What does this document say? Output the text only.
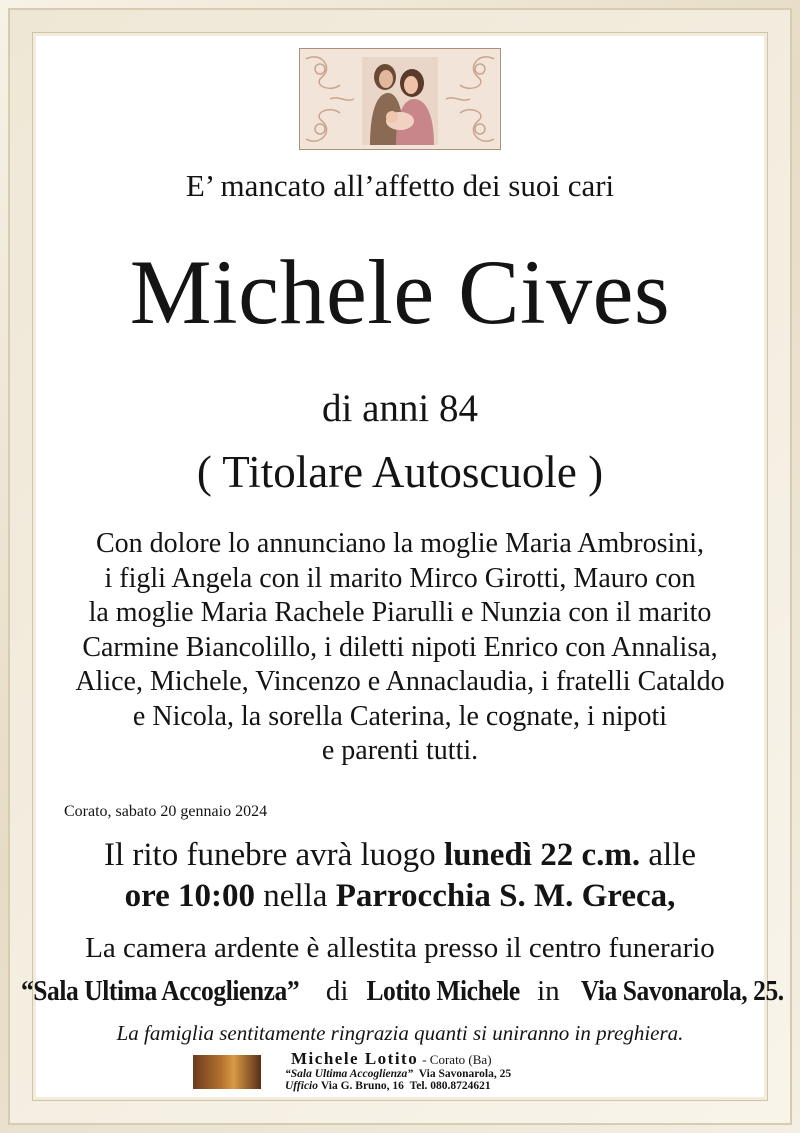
E’ mancato all’affetto dei suoi cari
Michele Cives
di anni 84
( Titolare Autoscuole )
Con dolore lo annunciano la moglie Maria Ambrosini,
i figli Angela con il marito Mirco Girotti, Mauro con
la moglie Maria Rachele Piarulli e Nunzia con il marito
Carmine Biancolillo, i diletti nipoti Enrico con Annalisa,
Alice, Michele, Vincenzo e Annaclaudia, i fratelli Cataldo
e Nicola, la sorella Caterina, le cognate, i nipoti
e parenti tutti.
Corato, sabato 20 gennaio 2024
Il rito funebre avrà luogo lunedì 22 c.m. alle
ore 10:00 nella Parrocchia S. M. Greca,
La camera ardente è allestita presso il centro funerario
“Sala Ultima Accoglienza” di Lotito Michele in Via Savonarola, 25.
La famiglia sentitamente ringrazia quanti si uniranno in preghiera.
Michele Lotito - Corato (Ba)
“Sala Ultima Accoglienza” Via Savonarola, 25
Ufficio Via G. Bruno, 16 Tel. 080.8724621
